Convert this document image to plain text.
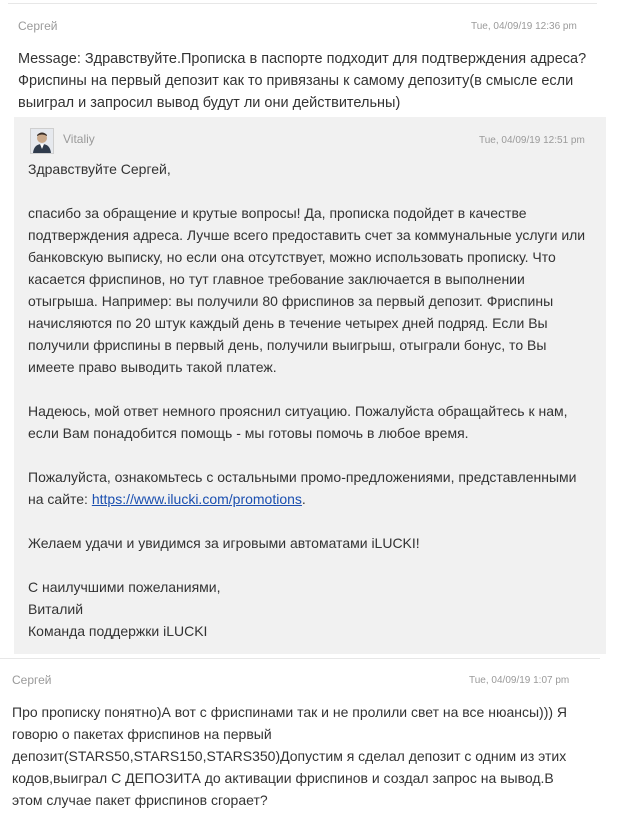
Сергей	Tue, 04/09/19 12:36 pm
Message: Здравствуйте.Прописка в паспорте подходит для подтверждения адреса? Фриспины на первый депозит как то привязаны к самому депозиту(в смысле если выиграл и запросил вывод будут ли они действительны)
Vitaliy	Tue, 04/09/19 12:51 pm

Здравствуйте Сергей,

спасибо за обращение и крутые вопросы! Да, прописка подойдет в качестве подтверждения адреса. Лучше всего предоставить счет за коммунальные услуги или банковскую выписку, но если она отсутствует, можно использовать прописку. Что касается фриспинов, но тут главное требование заключается в выполнении отыгрыша. Например: вы получили 80 фриспинов за первый депозит. Фриспины начисляются по 20 штук каждый день в течение четырех дней подряд. Если Вы получили фриспины в первый день, получили выигрыш, отыграли бонус, то Вы имеете право выводить такой платеж.

Надеюсь, мой ответ немного прояснил ситуацию. Пожалуйста обращайтесь к нам, если Вам понадобится помощь - мы готовы помочь в любое время.

Пожалуйста, ознакомьтесь с остальными промо-предложениями, представленными на сайте: https://www.ilucki.com/promotions.

Желаем удачи и увидимся за игровыми автоматами iLUCKI!

С наилучшими пожеланиями,
Виталий
Команда поддержки iLUCKI
Сергей	Tue, 04/09/19 1:07 pm
Про прописку понятно)А вот с фриспинами так и не пролили свет на все нюансы))) Я говорю о пакетах фриспинов на первый депозит(STARS50,STARS150,STARS350)Допустим я сделал депозит с одним из этих кодов,выиграл С ДЕПОЗИТА до активации фриспинов и создал запрос на вывод.В этом случае пакет фриспинов сгорает?
